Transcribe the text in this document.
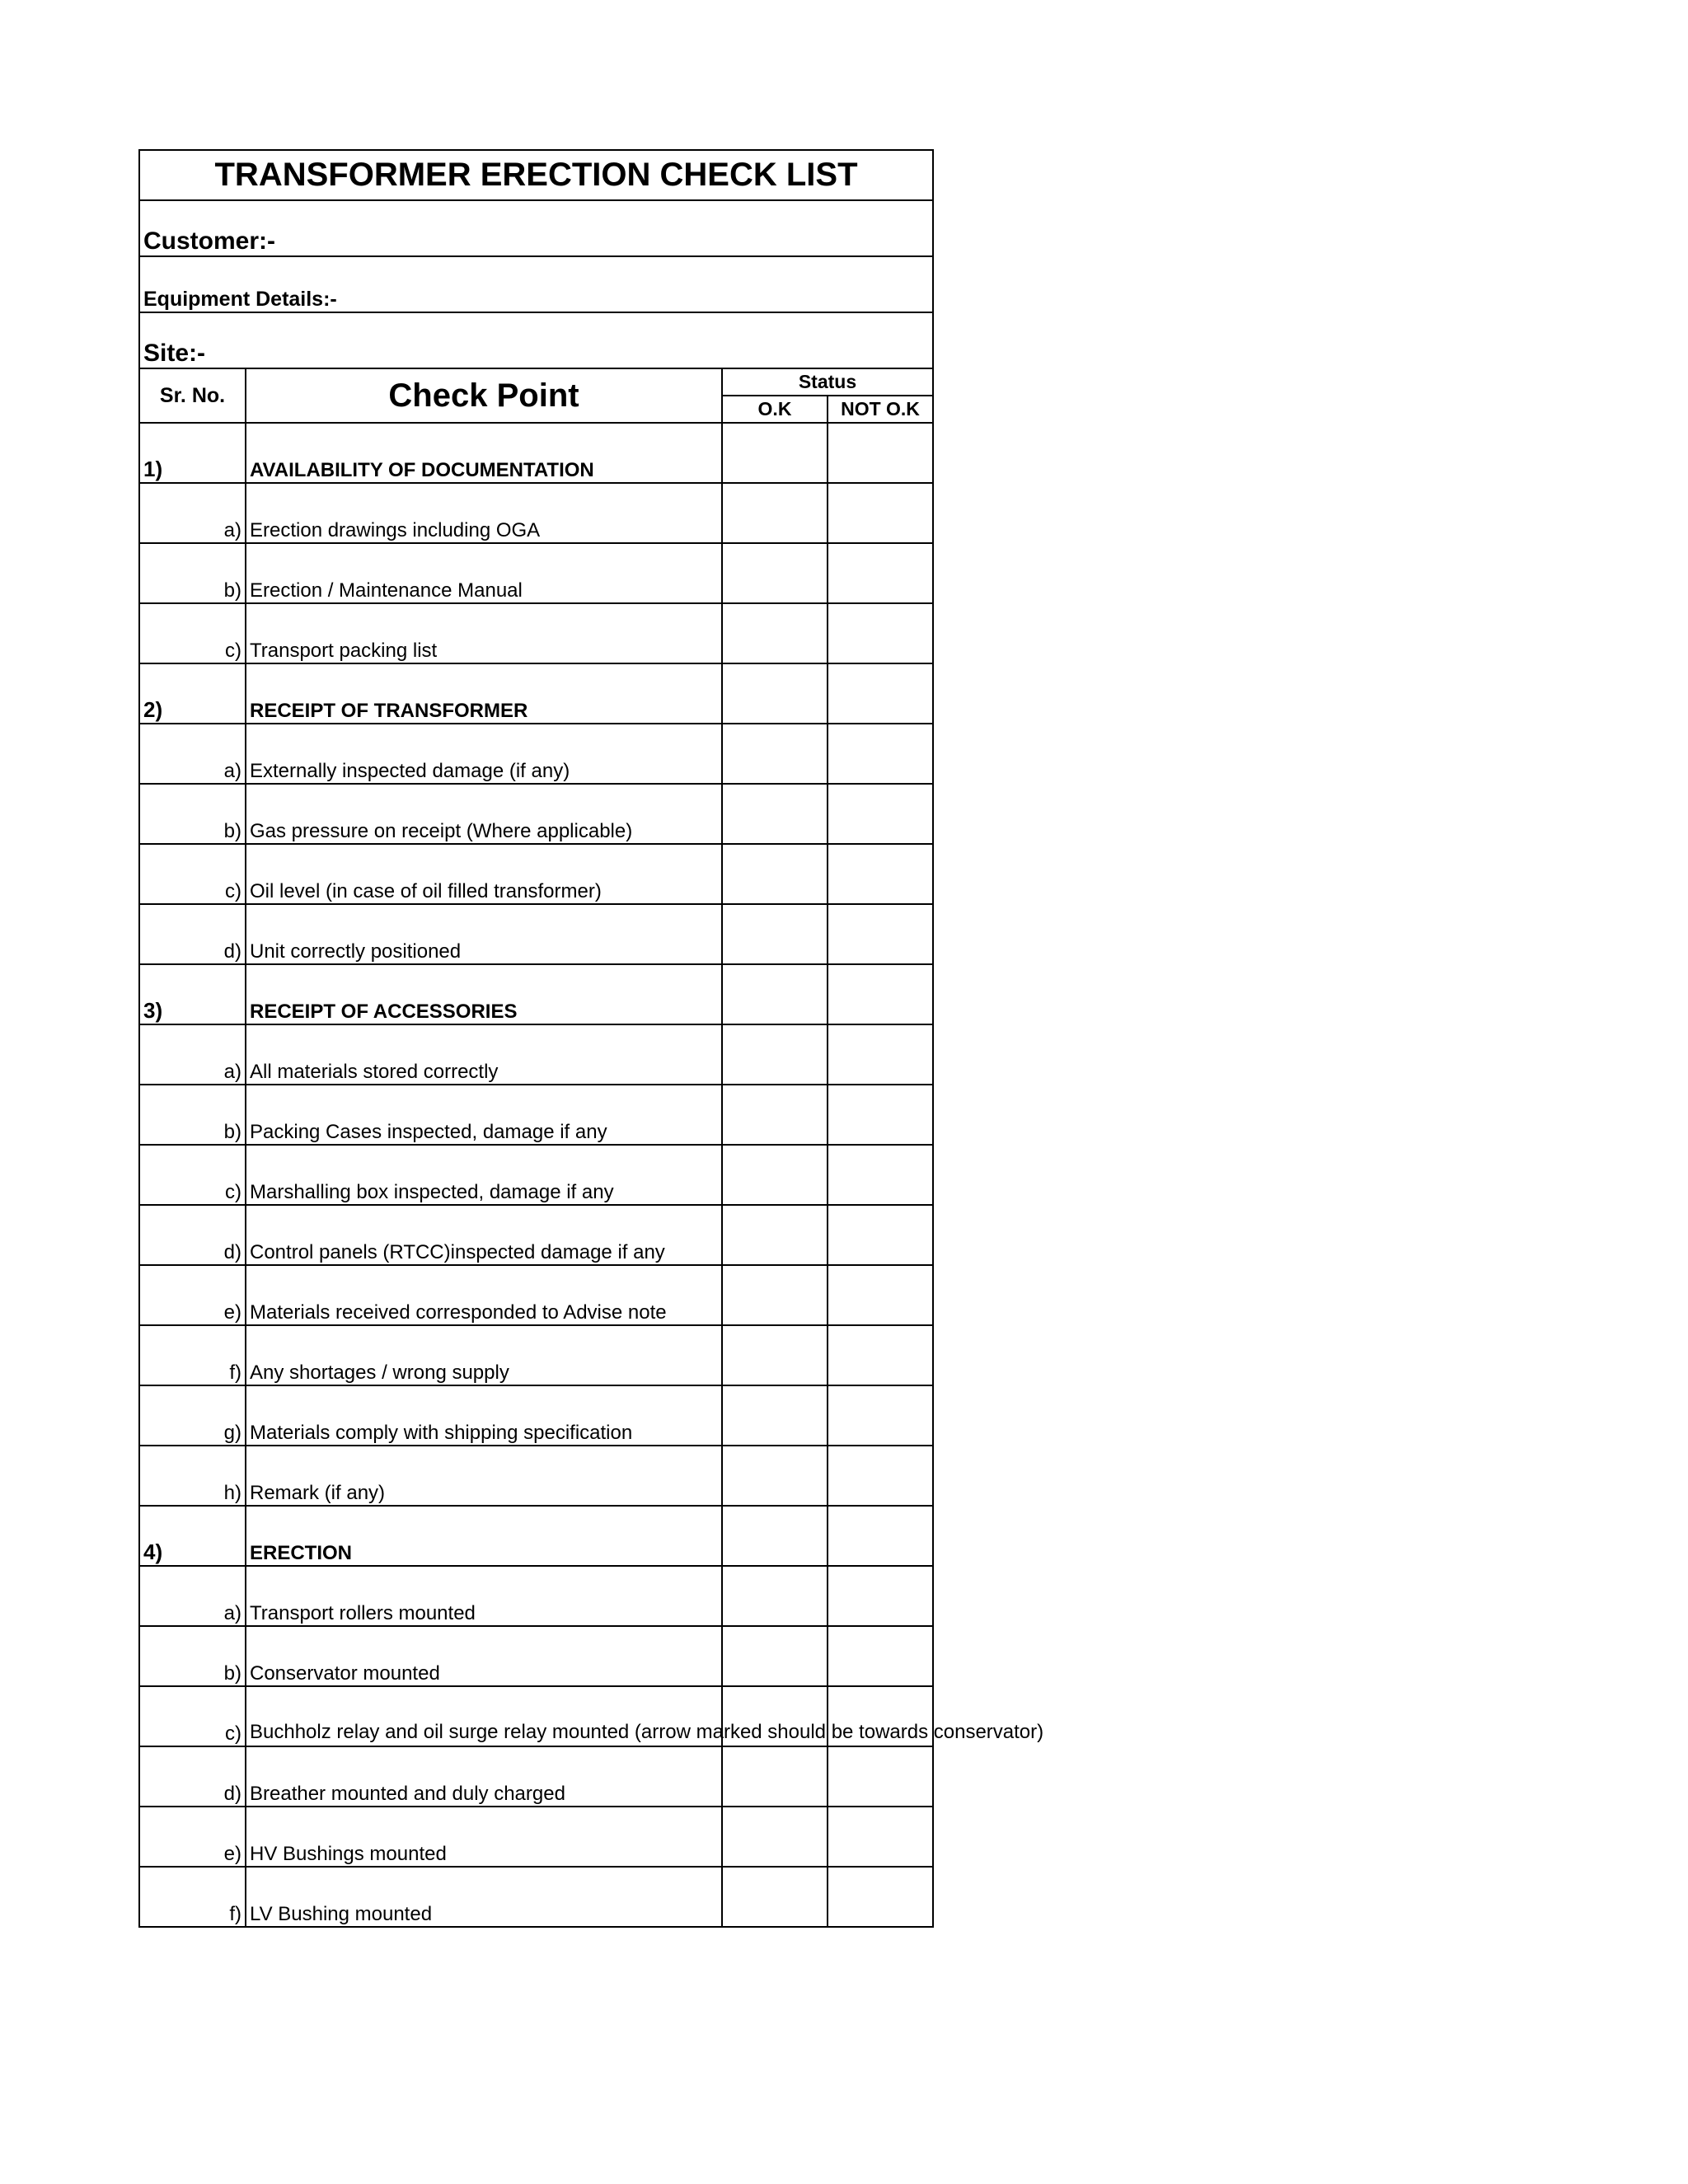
TRANSFORMER ERECTION CHECK LIST			
Customer:-			
Equipment Details:-			
Site:-			
Sr. No.	Check Point	Status	
		O.K	NOT O.K
1)	AVAILABILITY OF DOCUMENTATION		
a)	Erection drawings including OGA		
b)	Erection / Maintenance Manual		
c)	Transport packing list		
2)	RECEIPT OF TRANSFORMER		
a)	Externally inspected damage (if any)		
b)	Gas pressure on receipt (Where applicable)		
c)	Oil level (in case of oil filled transformer)		
d)	Unit correctly positioned		
3)	RECEIPT OF ACCESSORIES		
a)	All materials stored correctly		
b)	Packing Cases inspected, damage if any		
c)	Marshalling box inspected, damage if any		
d)	Control panels (RTCC)inspected damage if any		
e)	Materials received corresponded to Advise note		
f)	Any shortages / wrong supply		
g)	Materials comply with shipping specification		
h)	Remark (if any)		
4)	ERECTION		
a)	Transport rollers mounted		
b)	Conservator mounted		
c)	Buchholz relay and oil surge relay mounted (arrow marked should be towards conservator)		
d)	Breather mounted and duly charged		
e)	HV Bushings mounted		
f)	LV Bushing mounted		
